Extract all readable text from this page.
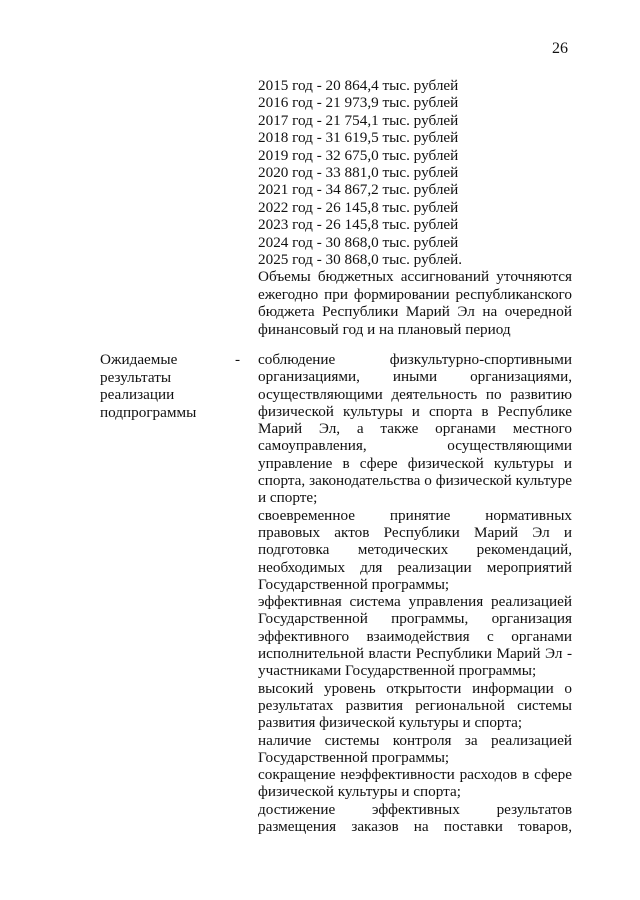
26
2015 год - 20 864,4 тыс. рублей
2016 год - 21 973,9 тыс. рублей
2017 год - 21 754,1 тыс. рублей
2018 год - 31 619,5 тыс. рублей
2019 год - 32 675,0 тыс. рублей
2020 год - 33 881,0 тыс. рублей
2021 год - 34 867,2 тыс. рублей
2022 год - 26 145,8 тыс. рублей
2023 год - 26 145,8 тыс. рублей
2024 год - 30 868,0 тыс. рублей
2025 год - 30 868,0 тыс. рублей.
Объемы бюджетных ассигнований уточняются ежегодно при формировании республиканского бюджета Республики Марий Эл на очередной финансовый год и на плановый период
Ожидаемые результаты реализации подпрограммы
- соблюдение физкультурно-спортивными организациями, иными организациями, осуществляющими деятельность по развитию физической культуры и спорта в Республике Марий Эл, а также органами местного самоуправления, осуществляющими управление в сфере физической культуры и спорта, законодательства о физической культуре и спорте;
своевременное принятие нормативных правовых актов Республики Марий Эл и подготовка методических рекомендаций, необходимых для реализации мероприятий Государственной программы;
эффективная система управления реализацией Государственной программы, организация эффективного взаимодействия с органами исполнительной власти Республики Марий Эл - участниками Государственной программы;
высокий уровень открытости информации о результатах развития региональной системы развития физической культуры и спорта;
наличие системы контроля за реализацией Государственной программы;
сокращение неэффективности расходов в сфере физической культуры и спорта;
достижение эффективных результатов размещения заказов на поставки товаров,
